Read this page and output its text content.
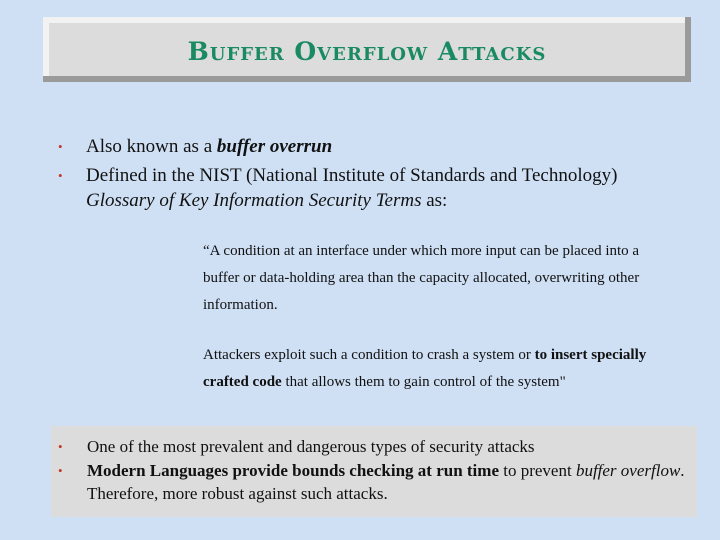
Buffer Overflow Attacks
•	Also known as a buffer overrun
•	Defined in the NIST (National Institute of Standards and Technology) Glossary of Key Information Security Terms as:

“A condition at an interface under which more input can be placed into a buffer or data-holding area than the capacity allocated, overwriting other information.

Attackers exploit such a condition to crash a system or to insert specially crafted code that allows them to gain control of the system"

•	One of the most prevalent and dangerous types of security attacks
•	Modern Languages provide bounds checking at run time to prevent buffer overflow. Therefore, more robust against such attacks.
